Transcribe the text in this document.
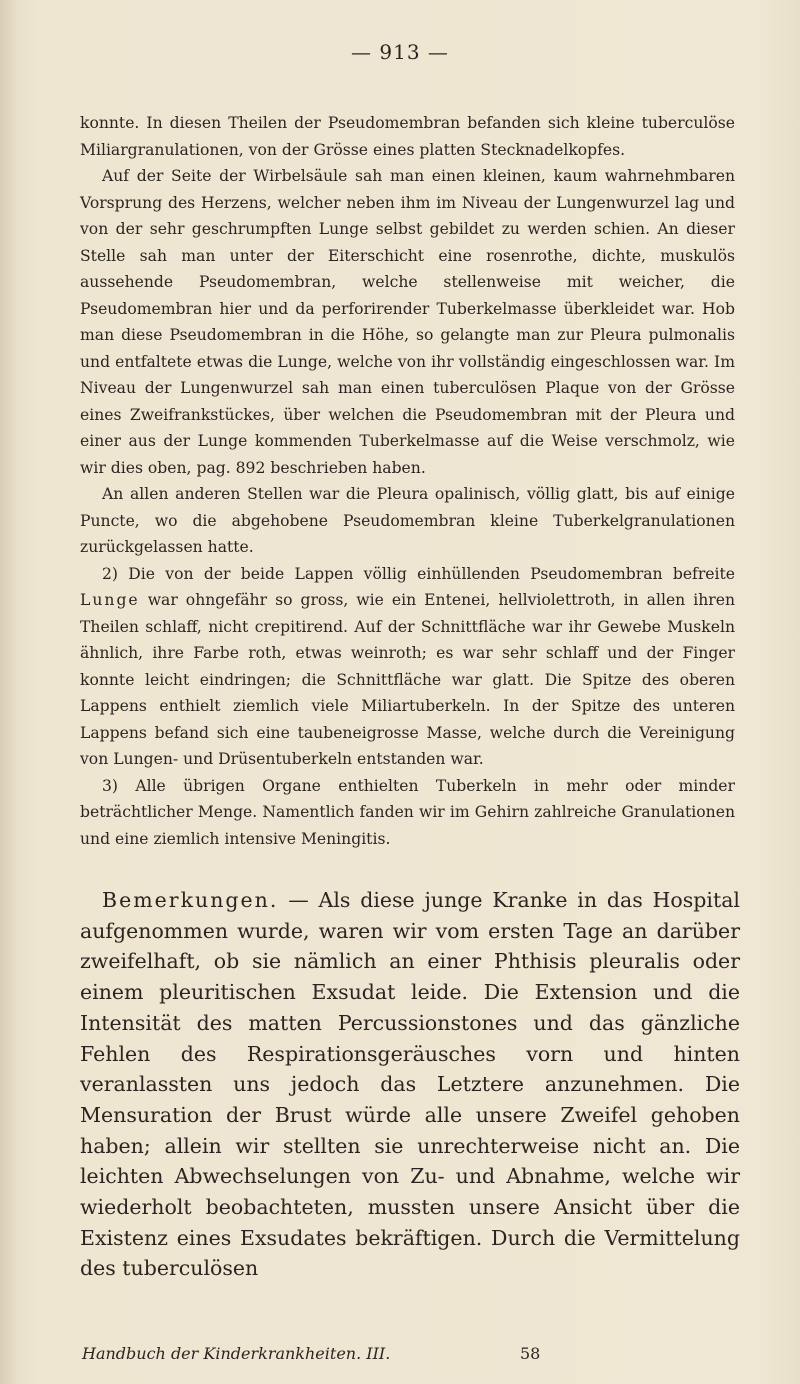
— 913 —

konnte. In diesen Theilen der Pseudomembran befanden sich kleine tuberculöse Miliargranulationen, von der Grösse eines platten Stecknadelkopfes.

Auf der Seite der Wirbelsäule sah man einen kleinen, kaum wahrnehmbaren Vorsprung des Herzens, welcher neben ihm im Niveau der Lungenwurzel lag und von der sehr geschrumpften Lunge selbst gebildet zu werden schien. An dieser Stelle sah man unter der Eiterschicht eine rosenrothe, dichte, muskulös aussehende Pseudomembran, welche stellenweise mit weicher, die Pseudomembran hier und da perforirender Tuberkelmasse überkleidet war. Hob man diese Pseudomembran in die Höhe, so gelangte man zur Pleura pulmonalis und entfaltete etwas die Lunge, welche von ihr vollständig eingeschlossen war. Im Niveau der Lungenwurzel sah man einen tuberculösen Plaque von der Grösse eines Zweifrankstückes, über welchen die Pseudomembran mit der Pleura und einer aus der Lunge kommenden Tuberkelmasse auf die Weise verschmolz, wie wir dies oben, pag. 892 beschrieben haben.

An allen anderen Stellen war die Pleura opalinisch, völlig glatt, bis auf einige Puncte, wo die abgehobene Pseudomembran kleine Tuberkelgranulationen zurückgelassen hatte.

2) Die von der beide Lappen völlig einhüllenden Pseudomembran befreite Lunge war ohngefähr so gross, wie ein Entenei, hellviolettroth, in allen ihren Theilen schlaff, nicht crepitirend. Auf der Schnittfläche war ihr Gewebe Muskeln ähnlich, ihre Farbe roth, etwas weinroth; es war sehr schlaff und der Finger konnte leicht eindringen; die Schnittfläche war glatt. Die Spitze des oberen Lappens enthielt ziemlich viele Miliartuberkeln. In der Spitze des unteren Lappens befand sich eine taubeneigrosse Masse, welche durch die Vereinigung von Lungen- und Drüsentuberkeln entstanden war.

3) Alle übrigen Organe enthielten Tuberkeln in mehr oder minder beträchtlicher Menge. Namentlich fanden wir im Gehirn zahlreiche Granulationen und eine ziemlich intensive Meningitis.

Bemerkungen. — Als diese junge Kranke in das Hospital aufgenommen wurde, waren wir vom ersten Tage an darüber zweifelhaft, ob sie nämlich an einer Phthisis pleuralis oder einem pleuritischen Exsudat leide. Die Extension und die Intensität des matten Percussionstones und das gänzliche Fehlen des Respirationsgeräusches vorn und hinten veranlassten uns jedoch das Letztere anzunehmen. Die Mensuration der Brust würde alle unsere Zweifel gehoben haben; allein wir stellten sie unrechterweise nicht an. Die leichten Abwechselungen von Zu- und Abnahme, welche wir wiederholt beobachteten, mussten unsere Ansicht über die Existenz eines Exsudates bekräftigen. Durch die Vermittelung des tuberculösen

Handbuch der Kinderkrankheiten. III.	58
